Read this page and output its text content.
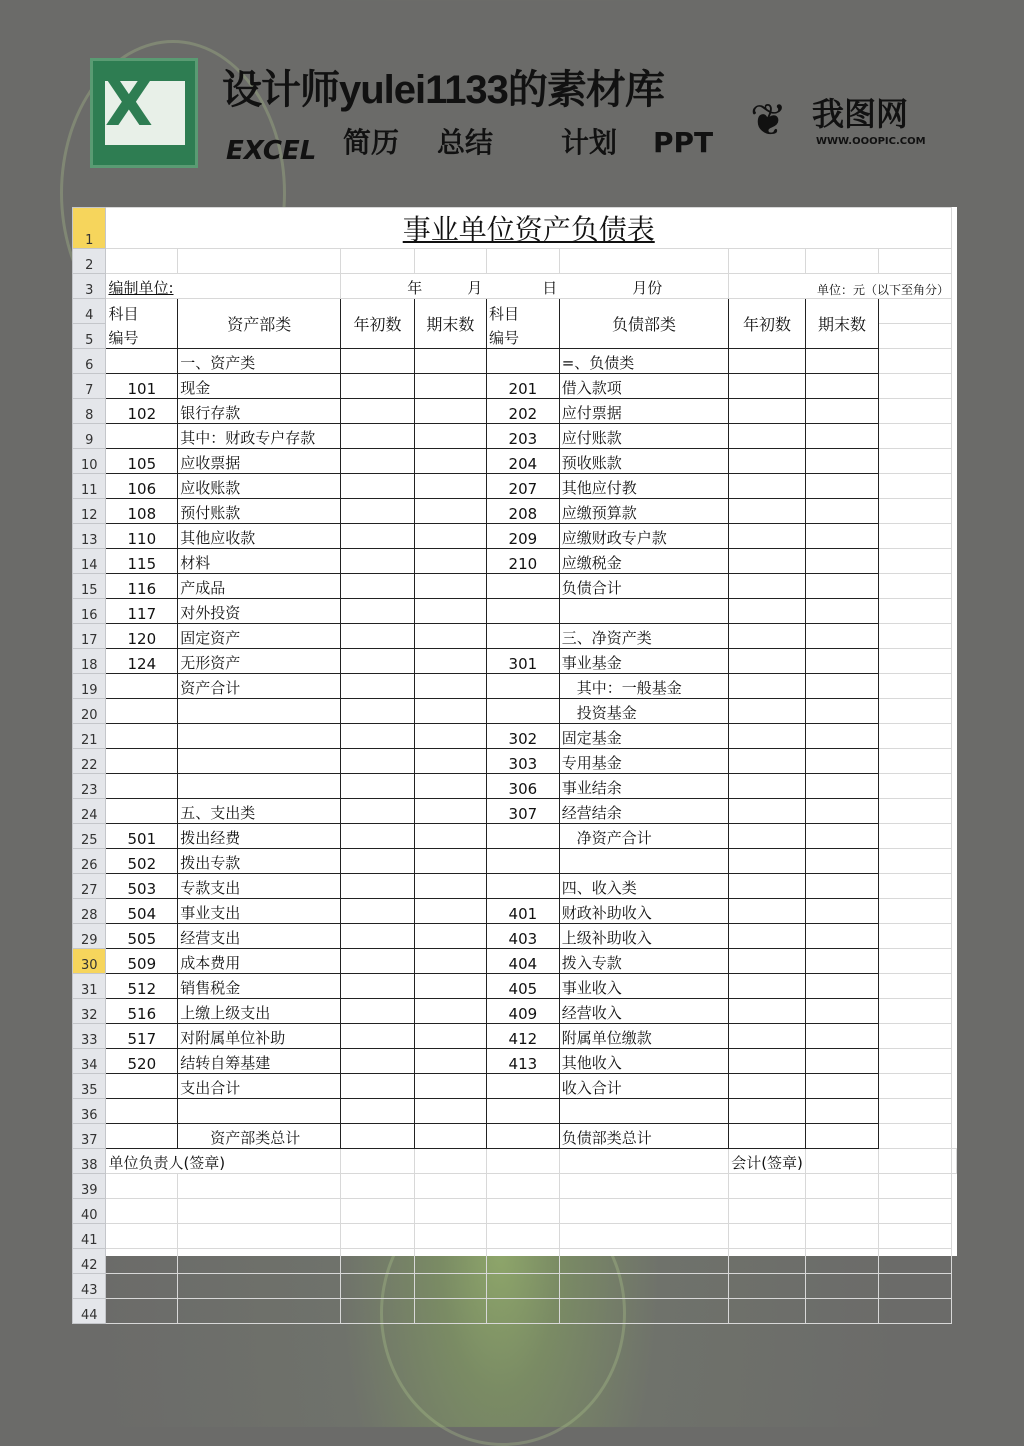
X 设计师yulei1133的素材库
EXCEL 简历 总结 计划 PPT ❦ 我图网
WWW.OOOPIC.COM
1	事业单位资产负债表									
2										
3	编制单位:		年　　　月　　　　日　　　　　月份				单位：元（以下至角分）			
4	科目	资产部类	年初数	期末数	科目	负债部类	年初数	期末数		
5	编号				编号					
6		一、资产类				=、负债类				
7	101	现金			201	借入款项				
8	102	银行存款			202	应付票据				
9		其中：财政专户存款			203	应付账款				
10	105	应收票据			204	预收账款				
11	106	应收账款			207	其他应付教				
12	108	预付账款			208	应缴预算款				
13	110	其他应收款			209	应缴财政专户款				
14	115	材料			210	应缴税金				
15	116	产成品				负债合计				
16	117	对外投资								
17	120	固定资产				三、净资产类				
18	124	无形资产			301	事业基金				
19		资产合计				　其中：一般基金				
20						　投资基金				
21					302	固定基金				
22					303	专用基金				
23					306	事业结余				
24		五、支出类			307	经营结余				
25	501	拨出经费				　净资产合计				
26	502	拨出专款								
27	503	专款支出				四、收入类				
28	504	事业支出			401	财政补助收入				
29	505	经营支出			403	上级补助收入				
30	509	成本费用			404	拨入专款				
31	512	销售税金			405	事业收入				
32	516	上缴上级支出			409	经营收入				
33	517	对附属单位补助			412	附属单位缴款				
34	520	结转自筹基建			413	其他收入				
35		支出合计				收入合计				
36										
37		　　资产部类总计				负债部类总计				
38	单位负责人(签章)						会计(签章)			
39										
40										
41										
42										
43										
44										
